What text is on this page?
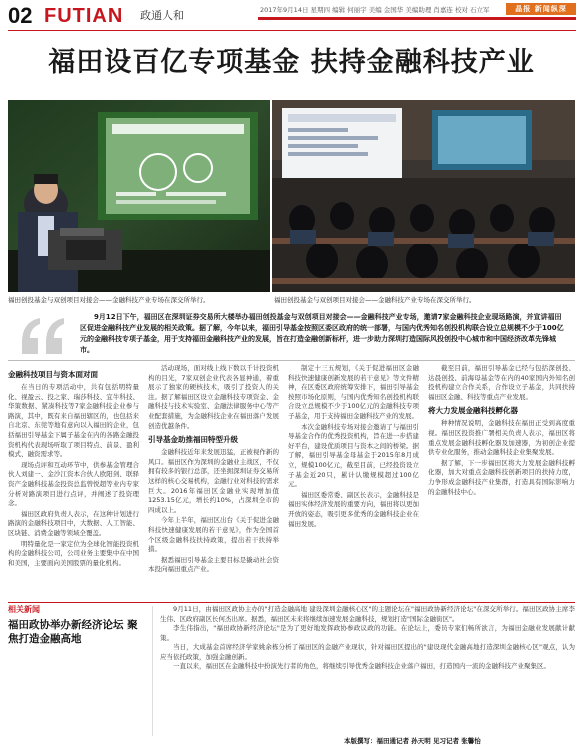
02 FUTIAN 政通人和	2017年9月14日 星期四 编辑 何丽宇 美编 金国华 美编助理 肖嘉连 校对 石立军	晶报 新闻纵深
福田设百亿专项基金 扶持金融科技产业
福田创投基金与双创项目对接会——金融科技产业专场在深交所举行。	福田创投基金与双创项目对接会——金融科技产业专场在深交所举行。
9月12日下午，福田区在深圳证券交易所大楼举办福田创投基金与双创项目对接会——金融科技产业专场，邀请7家金融科技企业现场路演，并宣讲福田区促进金融科技产业发展的相关政策。据了解，今年以来，福田引导基金按照区委区政府的统一部署，与国内优秀知名创投机构联合设立总规模不少于100亿元的金融科技专项子基金，用于支持福田金融科技产业的发展，旨在打造金融创新标杆，进一步助力深圳打造国际风投创投中心城市和中国经济改革先锋城市。
金融科技项目与资本面对面

在当日的专项活动中，共有包括明特量化、视盈云、投之家、瑞莎科技、宜牛科技、华策数据、紧凑科技等7家金融科技企业参与路演，其中，既有来自福田辖区的，也包括来自北京、东莞等地有意向以入福田的企业，包括福田引导基金下属子基金在内的各路金融投资机构代表现场听取了项目特点、前景、盈利模式、融资需求等。

现场点评和互动环节中，供参基金管理合伙人刘建一、金沙江资本合伙人欧阳剑、联驿资产金融科技基金投资总监曾悦超等业内专家分析对路演项目进行点评，并阐述了投资理念。

福田区政府负责人表示，在这种计划进行路演的金融科技项目中，大数据、人工智能、区块链、消费金融等领域全覆盖。

明特量化是一家定位为全球化智能投资机构的金融科技公司，公司业务主要集中在中国和美国，主要面向美国股票的量化机构。

活动现场，面对线上线下数以千计投资机构的目光，7家双创企业代表各显神通，着重展示了独家的硬核技术，吸引了投资人的关注。据了解福田区设立金融科技专项资金、金融科技与技术实验室、金融法律服务中心等产业配套措施，为金融科技企业在福田落户发展创造优越条件。

引导基金助推福田特型升级

金融科技近年来发展迅猛，正被视作新的风口。福田区作为深圳的金融业主战区，不仅拥有较多的银行总部，还坐拥深圳证券交易所这样的核心交易机构，金融行业对科技的需求巨大。2016年福田区金融业实现增加值1253.15亿元，增长约10%，占深圳全市的四成以上。

今年上半年，福田区出台《关于促进金融科技快速健康发展的若干意见》，作为全国首个区级金融科技扶持政策，提出若干扶持举措。

据悉福田引导基金主要目标是撬动社会资本投向福田重点产业。

制定十三五规划，《关于促进福田区金融科技快速健康创新发展的若干意见》等文件精神，在区委区政府统筹安排下，福田引导基金按照市场化原则，与国内优秀知名创投机构联合设立总规模不少于100亿元的金融科技专项子基金，用于支持福田金融科技产业的发展。

本次金融科技专场对接会邀请了与福田引导基金合作的优秀投资机构，旨在进一步搭建好平台，建设优质项目与资本之间的桥梁。据了解，福田引导基金母基金于2015年8月成立，规模100亿元，截至目前，已经投资设立子基金近20只，累计认缴规模超过100亿元。

福田区委常委、副区长表示，金融科技是福田实体经济发展的重要方向，福田将以更加开放的姿态，吸引更多优秀的金融科技企业在福田发展。

截至目前，福田引导基金已经与包括深创投、达晨创投、前海母基金等在内的40家国内外知名创投机构建立合作关系，合作设立子基金，共同扶持福田区金融、科技等重点产业发展。

将大力发展金融科技孵化器

种种情况说明，金融科技在福田正受到高度重视。福田区投资推广署相关负责人表示，福田区将重点发展金融科技孵化器及加速器，为初创企业提供专业化服务，推动金融科技企业集聚发展。

据了解，下一步福田区将大力发展金融科技孵化器，加大对重点金融科技创新项目的扶持力度，力争形成金融科技产业集群，打造具有国际影响力的金融科技中心。

相关新闻
福田政协举办新经济论坛 聚焦打造金融高地

9月11日，由福田区政协主办的"打造金融高地 建设深圳金融核心区"的主题论坛在"福田政协新经济论坛"在深交所举行。福田区政协主席李生伟、区政府副区长何杰出席。据悉，福田区未来将继续加速发展金融科技，规划打造"国际金融街区"。

李生伟指出，"福田政协新经济论坛"是为了更好地发挥政协参政议政的功能。在论坛上，委员专家们畅所欲言，为福田金融业发展献计献策。

当日，大成基金首席经济学家姚余栋分析了福田区的金融产业现状，针对福田区提出的"建设现代金融高地打造深圳金融核心区"观点，认为应当依托政策，加强金融创新。

一直以来，福田区在金融科技中扮演先行者的角色，将继续引导优秀金融科技企业落户福田，打造国内一流的金融科技产业聚集区。

本版撰写：福田通记者 孙天明 见习记者 张馨怡
